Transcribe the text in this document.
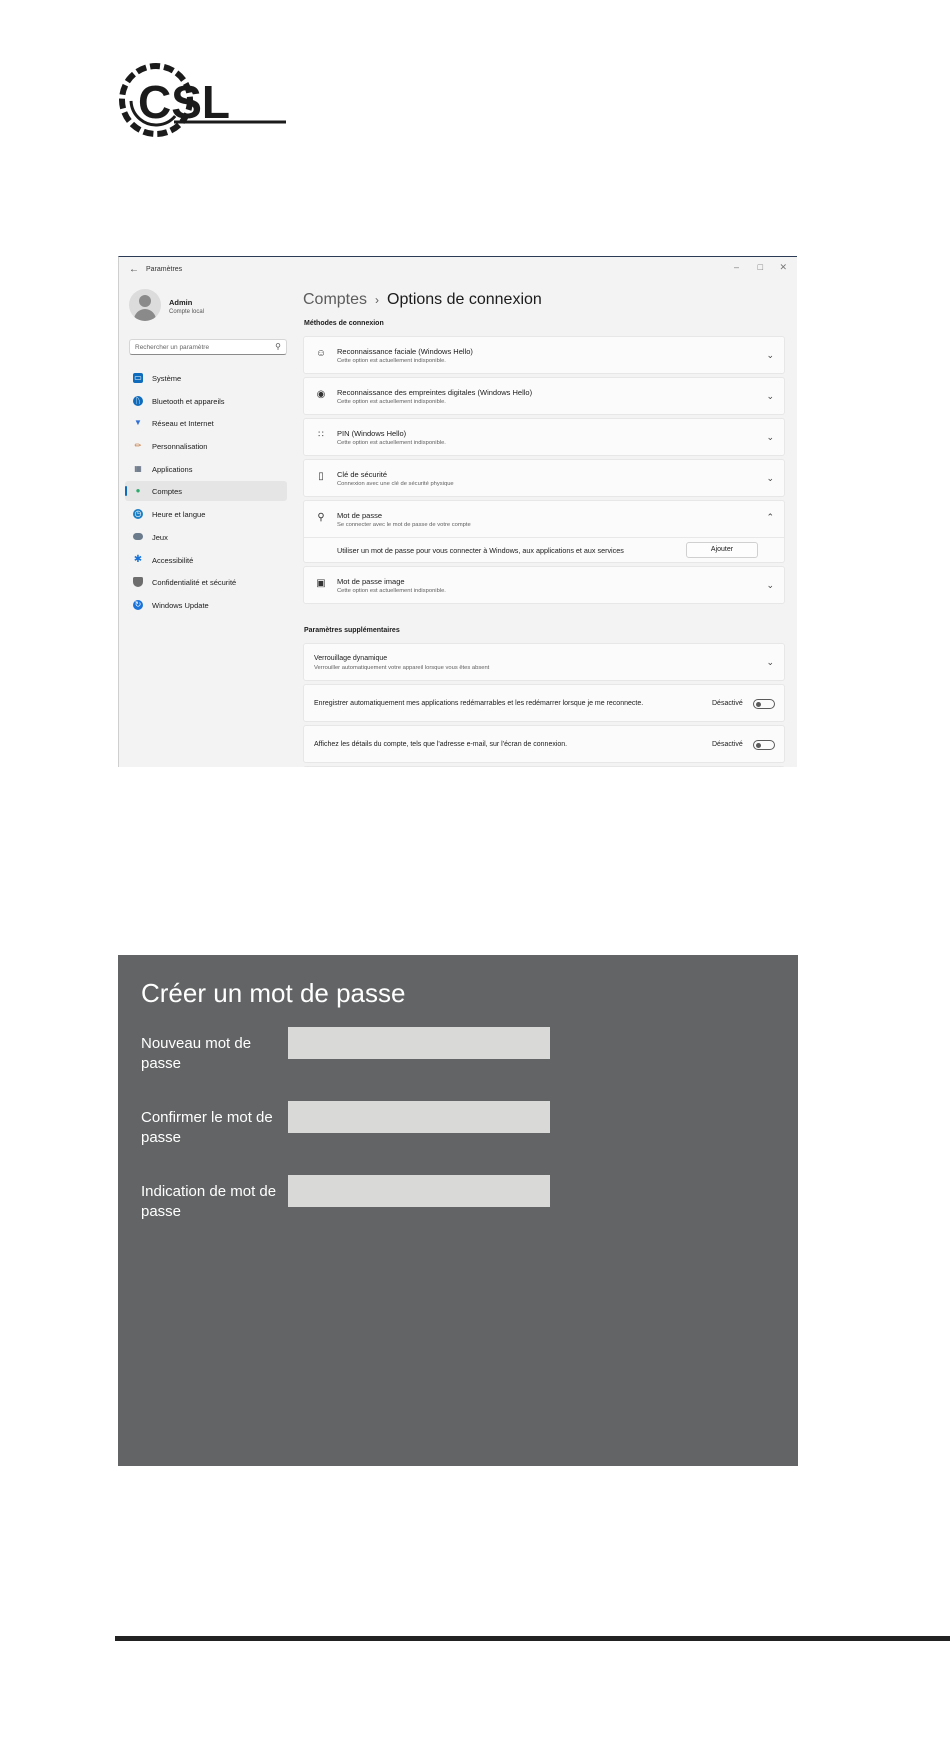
CSL
← Paramètres	– □ ✕
Admin
Compte local
Rechercher un paramètre	⚲
▭ Système
ᚢ	Bluetooth et appareils
▼ Réseau et Internet
✏ Personnalisation
▦ Applications
●	Comptes
◷ Heure et langue
Jeux
✱ Accessibilité
Confidentialité et sécurité
↻ Windows Update
Comptes › Options de connexion
Méthodes de connexion
☺ Reconnaissance faciale (Windows Hello)
Cette option est actuellement indisponible.
⌄
◉	Reconnaissance des empreintes digitales (Windows Hello)
Cette option est actuellement indisponible.
⌄
∷	PIN (Windows Hello)
Cette option est actuellement indisponible.
⌄
▯	Clé de sécurité
Connexion avec une clé de sécurité physique
⌄
⚲	Mot de passe
Se connecter avec le mot de passe de votre compte
⌃
Utiliser un mot de passe pour vous connecter à Windows, aux applications et aux services	Ajouter
▣	Mot de passe image
Cette option est actuellement indisponible.
⌄
Paramètres supplémentaires
Verrouillage dynamique
Verrouiller automatiquement votre appareil lorsque vous êtes absent
⌄
Enregistrer automatiquement mes applications redémarrables et les redémarrer lorsque je me reconnecte.	Désactivé
Affichez les détails du compte, tels que l'adresse e-mail, sur l'écran de connexion.	Désactivé
Créer un mot de passe
Nouveau mot de passe
Confirmer le mot de passe
Indication de mot de passe
